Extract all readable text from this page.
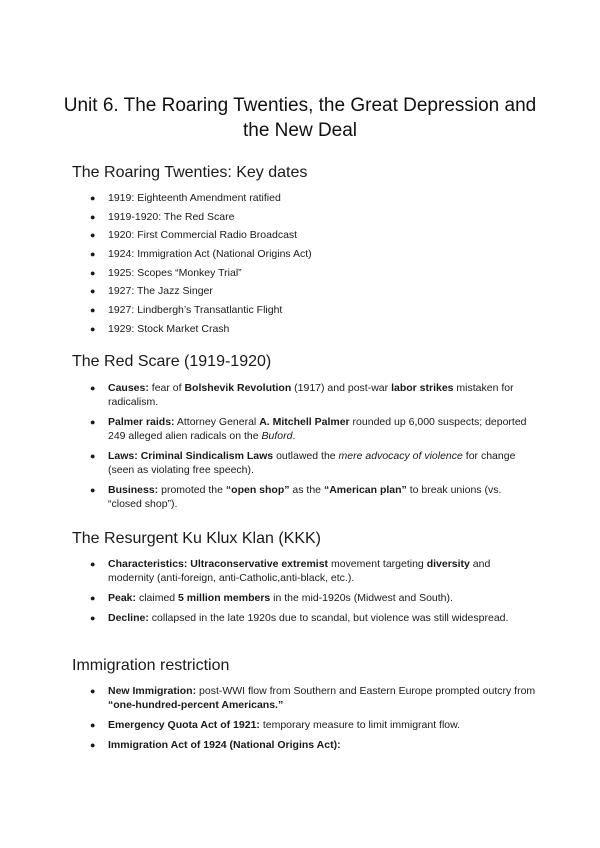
Unit 6. The Roaring Twenties, the Great Depression and the New Deal
The Roaring Twenties: Key dates
● 1919: Eighteenth Amendment ratified
● 1919-1920: The Red Scare
● 1920: First Commercial Radio Broadcast
● 1924: Immigration Act (National Origins Act)
● 1925: Scopes “Monkey Trial”
● 1927: The Jazz Singer
● 1927: Lindbergh’s Transatlantic Flight
● 1929: Stock Market Crash
The Red Scare (1919-1920)
● Causes: fear of Bolshevik Revolution (1917) and post-war labor strikes mistaken for radicalism.
● Palmer raids: Attorney General A. Mitchell Palmer rounded up 6,000 suspects; deported 249 alleged alien radicals on the Buford.
● Laws: Criminal Sindicalism Laws outlawed the mere advocacy of violence for change (seen as violating free speech).
● Business: promoted the “open shop” as the “American plan” to break unions (vs. “closed shop”).
The Resurgent Ku Klux Klan (KKK)
● Characteristics: Ultraconservative extremist movement targeting diversity and modernity (anti-foreign, anti-Catholic,anti-black, etc.).
● Peak: claimed 5 million members in the mid-1920s (Midwest and South).
● Decline: collapsed in the late 1920s due to scandal, but violence was still widespread.
Immigration restriction
● New Immigration: post-WWI flow from Southern and Eastern Europe prompted outcry from “one-hundred-percent Americans.”
● Emergency Quota Act of 1921: temporary measure to limit immigrant flow.
● Immigration Act of 1924 (National Origins Act):
